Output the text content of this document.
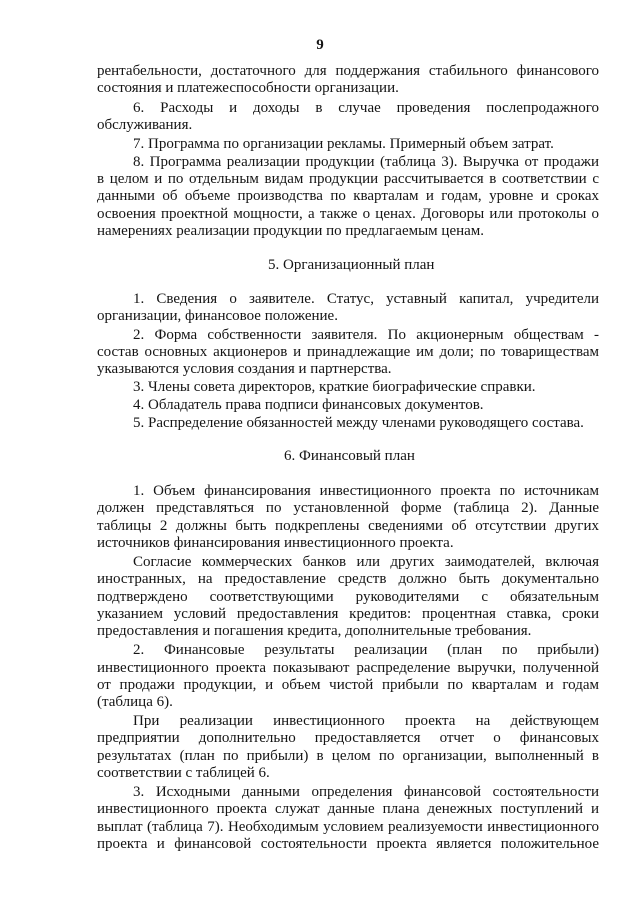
9
рентабельности, достаточного для поддержания стабильного финансового
состояния и платежеспособности организации.
6. Расходы и доходы в случае проведения послепродажного
обслуживания.
7. Программа по организации рекламы. Примерный объем затрат.
8. Программа реализации продукции (таблица 3). Выручка от продажи
в целом и по отдельным видам продукции рассчитывается в соответствии с
данными об объеме производства по кварталам и годам, уровне и сроках
освоения проектной мощности, а также о ценах. Договоры или протоколы о
намерениях реализации продукции по предлагаемым ценам.
5. Организационный план
1. Сведения о заявителе. Статус, уставный капитал, учредители
организации, финансовое положение.
2. Форма собственности заявителя. По акционерным обществам -
состав основных акционеров и принадлежащие им доли; по товариществам
указываются условия создания и партнерства.
3. Члены совета директоров, краткие биографические справки.
4. Обладатель права подписи финансовых документов.
5. Распределение обязанностей между членами руководящего состава.
6. Финансовый план
1. Объем финансирования инвестиционного проекта по источникам
должен представляться по установленной форме (таблица 2). Данные
таблицы 2 должны быть подкреплены сведениями об отсутствии других
источников финансирования инвестиционного проекта.
Согласие коммерческих банков или других заимодателей, включая
иностранных, на предоставление средств должно быть документально
подтверждено соответствующими руководителями с обязательным
указанием условий предоставления кредитов: процентная ставка, сроки
предоставления и погашения кредита, дополнительные требования.
2. Финансовые результаты реализации (план по прибыли)
инвестиционного проекта показывают распределение выручки, полученной
от продажи продукции, и объем чистой прибыли по кварталам и годам
(таблица 6).
При реализации инвестиционного проекта на действующем
предприятии дополнительно предоставляется отчет о финансовых
результатах (план по прибыли) в целом по организации, выполненный в
соответствии с таблицей 6.
3. Исходными данными определения финансовой состоятельности
инвестиционного проекта служат данные плана денежных поступлений и
выплат (таблица 7). Необходимым условием реализуемости инвестиционного
проекта и финансовой состоятельности проекта является положительное
